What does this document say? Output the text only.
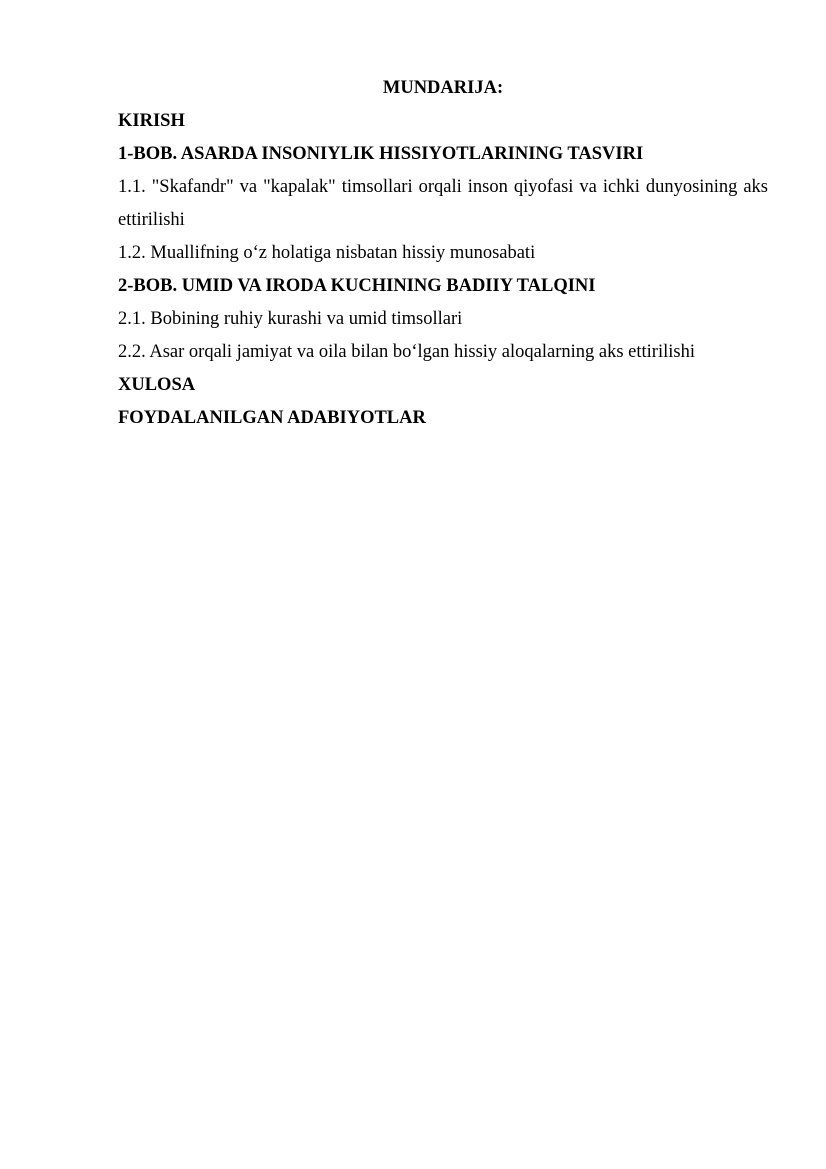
MUNDARIJA:

KIRISH
1-BOB. ASARDA INSONIYLIK HISSIYOTLARINING TASVIRI
1.1. "Skafandr" va "kapalak" timsollari orqali inson qiyofasi va ichki dunyosining aks ettirilishi
1.2. Muallifning o‘z holatiga nisbatan hissiy munosabati
2-BOB. UMID VA IRODA KUCHINING BADIIY TALQINI
2.1. Bobining ruhiy kurashi va umid timsollari
2.2. Asar orqali jamiyat va oila bilan bo‘lgan hissiy aloqalarning aks ettirilishi
XULOSA
FOYDALANILGAN ADABIYOTLAR
